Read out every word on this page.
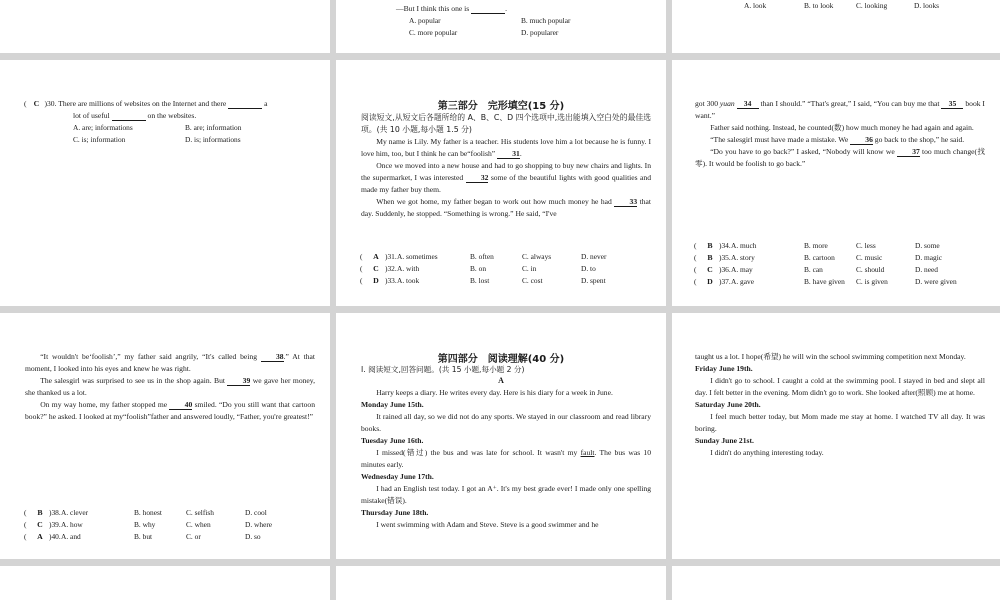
—But I think this one is	.
A. popular	B. much popular
C. more popular	D. popularer
A. look	B. to look	C. looking	D. looks
( C )30. There are millions of websites on the Internet and there	a
lot of useful	on the websites.
A. are; informations	B. are; information
C. is; information	D. is; informations
第三部分　完形填空(15 分)
阅读短文,从短文后各题所给的 A、B、C、D 四个选项中,选出能填入空白处的最佳选项。(共 10 小题,每小题 1.5 分)

My name is Lily. My father is a teacher. His students love him a lot because he is funny. I love him, too, but I think he can be“foolish” 31.

Once we moved into a new house and had to go shopping to buy new chairs and lights. In the supermarket, I was interested 32 some of the beautiful lights with good qualities and made my father buy them.

When we got home, my father began to work out how much money he had 33 that day. Suddenly, he stopped. “Something is wrong.” He said, “I've

(	A )31. A. sometimes	B. often	C. always	D. never
(	C )32. A. with	B. on	C. in	D. to
(	D )33. A. took	B. lost	C. cost	D. spent

got 300 yuan 34 than I should.” “That's great,” I said, “You can buy me that 35 book I want.”

Father said nothing. Instead, he counted(数) how much money he had again and again.

“The salesgirl must have made a mistake. We 36 go back to the shop,” he said.

“Do you have to go back?” I asked, “Nobody will know we 37 too much change(找零). It would be foolish to go back.”

(	B )34. A. much	B. more	C. less	D. some
(	B )35. A. story	B. cartoon	C. music	D. magic
(	C )36. A. may	B. can	C. should	D. need
(	D )37. A. gave	B. have given C. is given	D. were given

“It wouldn't be‘foolish’,” my father said angrily, “It's called being 38.” At that moment, I looked into his eyes and knew he was right.

The salesgirl was surprised to see us in the shop again. But 39 we gave her money, she thanked us a lot.

On my way home, my father stopped me 40 smiled. “Do you still want that cartoon book?” he asked. I looked at my“foolish”father and answered loudly, “Father, you're greatest!”

(	B )38. A. clever	B. honest	C. selfish	D. cool
(	C )39. A. how	B. why	C. when	D. where
(	A )40. A. and	B. but	C. or	D. so
第四部分　阅读理解(40 分)
Ⅰ. 阅读短文,回答问题。(共 15 小题,每小题 2 分)
A

Harry keeps a diary. He writes every day. Here is his diary for a week in June.

Monday June 15th.

It rained all day, so we did not do any sports. We stayed in our classroom and read library books.

Tuesday June 16th.

I missed(错过) the bus and was late for school. It wasn't my fault. The bus was 10 minutes early.

Wednesday June 17th.

I had an English test today. I got an A⁺. It's my best grade ever! I made only one spelling mistake(错误).

Thursday June 18th.

I went swimming with Adam and Steve. Steve is a good swimmer and he

taught us a lot. I hope(希望) he will win the school swimming competition next Monday.

Friday June 19th.

I didn't go to school. I caught a cold at the swimming pool. I stayed in bed and slept all day. I felt better in the evening. Mom didn't go to work. She looked after(照顾) me at home.

Saturday June 20th.

I feel much better today, but Mom made me stay at home. I watched TV all day. It was boring.

Sunday June 21st.

I didn't do anything interesting today.
